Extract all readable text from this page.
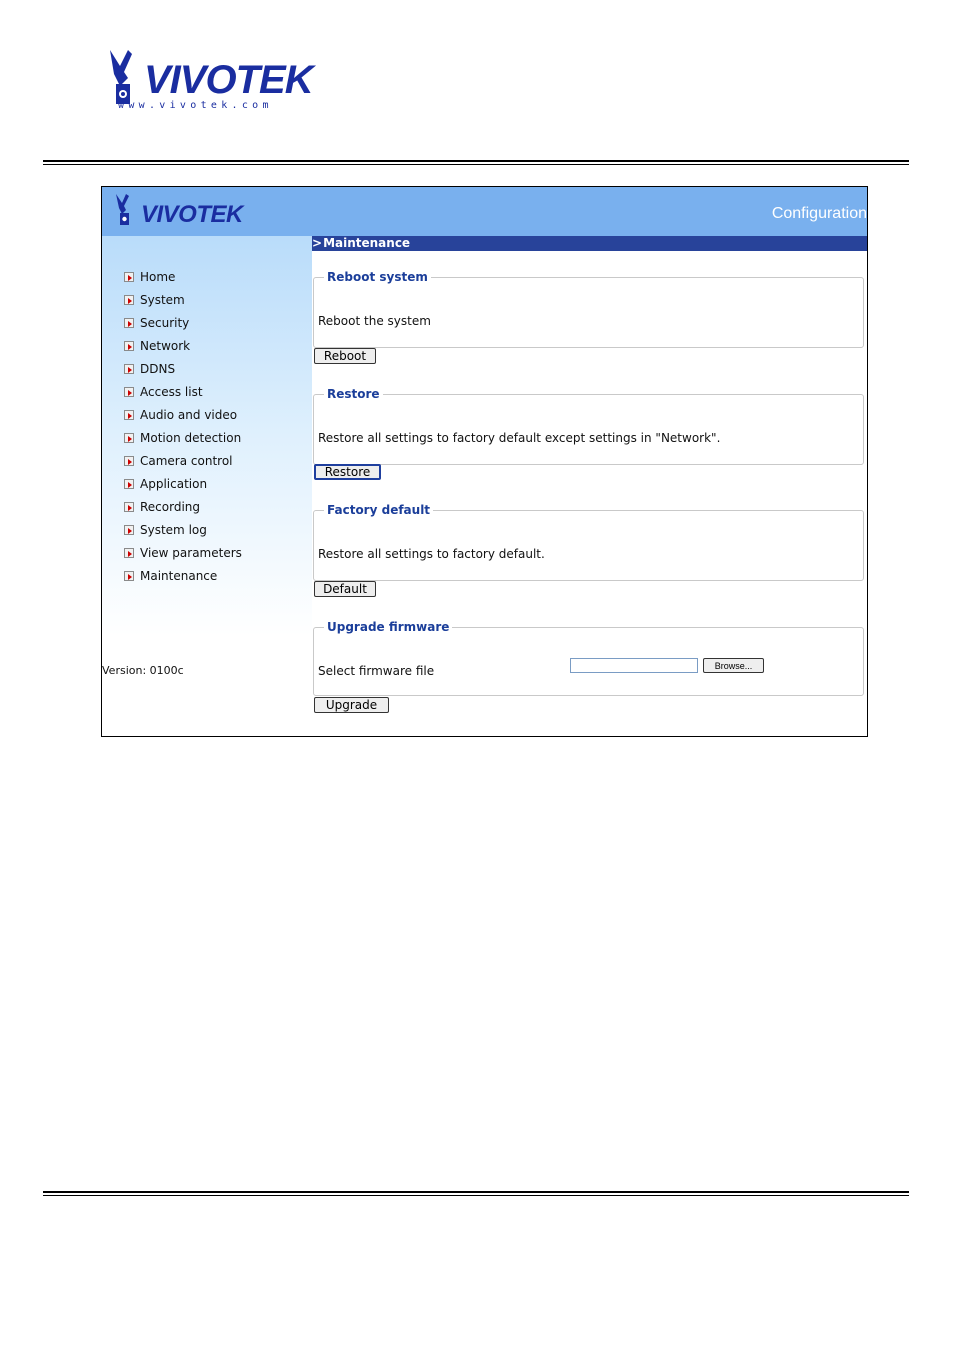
VIVOTEK
www.vivotek.com
VIVOTEK	Configuration
Home
System
Security
Network
DDNS
Access list
Audio and video
Motion detection
Camera control
Application
Recording
System log
View parameters
Maintenance
Version: 0100c
>Maintenance
Reboot system
Reboot the system
Reboot
Restore
Restore all settings to factory default except settings in "Network".
Restore
Factory default
Restore all settings to factory default.
Default
Upgrade firmware
Select firmware file	Browse...
Upgrade
